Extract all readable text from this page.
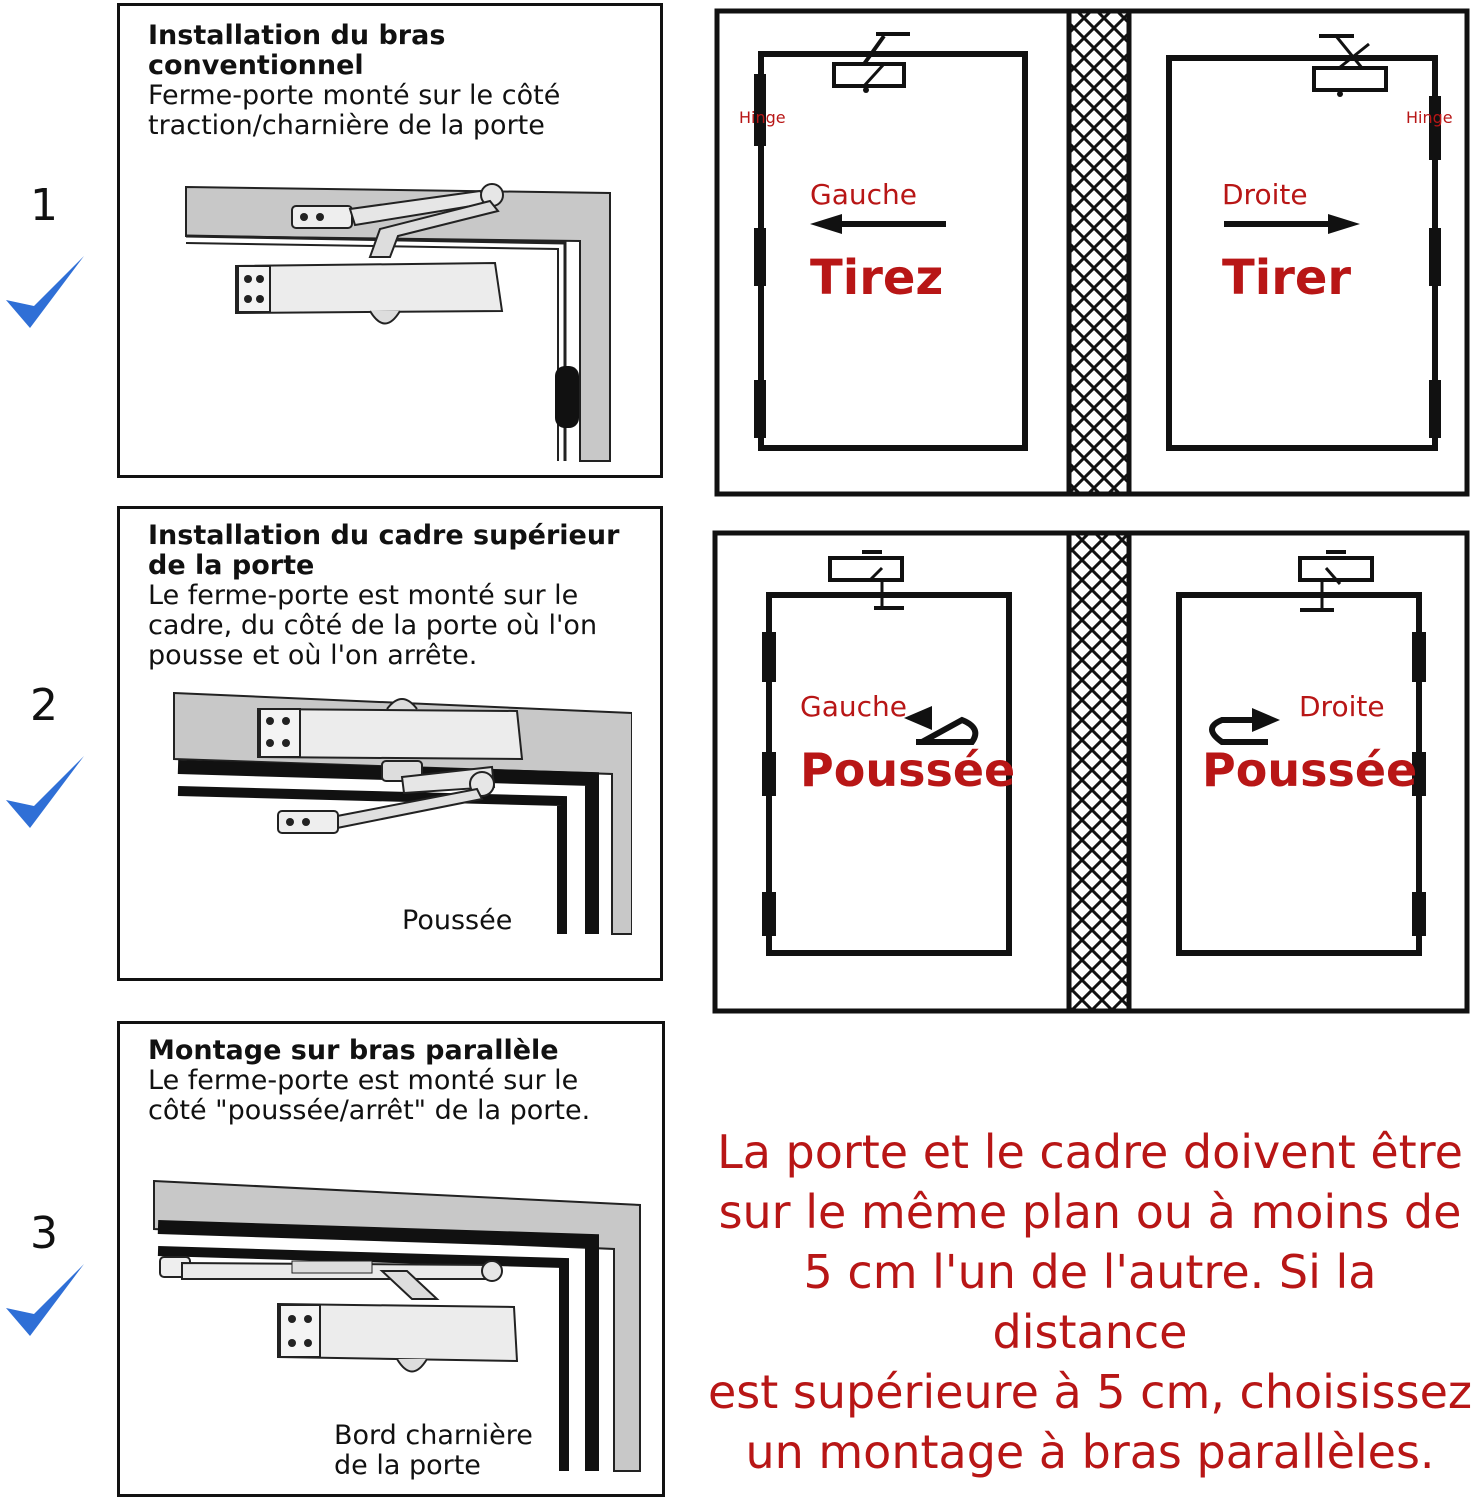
1
2
3
Installation du bras
conventionnel
Ferme-porte monté sur le côté
traction/charnière de la porte
Installation du cadre supérieur
de la porte
Le ferme-porte est monté sur le
cadre, du côté de la porte où l'on
pousse et où l'on arrête.
Poussée
Montage sur bras parallèle
Le ferme-porte est monté sur le
côté "poussée/arrêt" de la porte.
Bord charnière
de la porte
Hinge	Hinge
Gauche
Tirez
Droite
Tirer
Gauche
Poussée
Droite
Poussée
La porte et le cadre doivent être
sur le même plan ou à moins de
5 cm l'un de l'autre. Si la distance
est supérieure à 5 cm, choisissez
un montage à bras parallèles.
